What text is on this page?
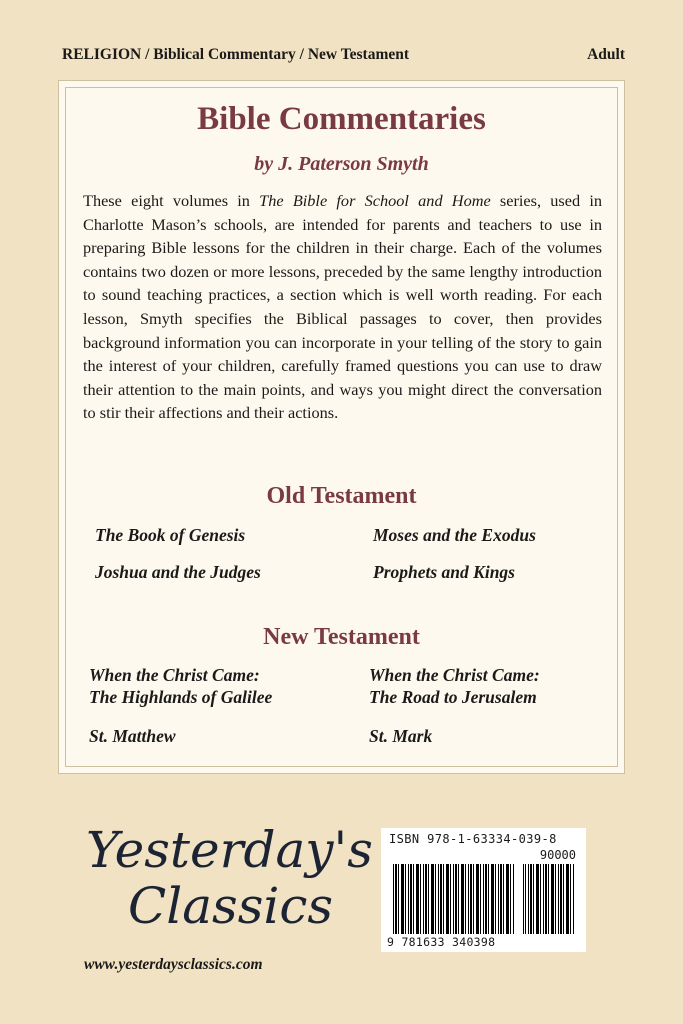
RELIGION / Biblical Commentary / New Testament	Adult
Bible Commentaries
by J. Paterson Smyth
These eight volumes in The Bible for School and Home series, used in Charlotte Mason’s schools, are intended for parents and teachers to use in preparing Bible lessons for the children in their charge. Each of the volumes contains two dozen or more lessons, preceded by the same lengthy introduction to sound teaching practices, a section which is well worth reading. For each lesson, Smyth specifies the Biblical passages to cover, then provides background information you can incorporate in your telling of the story to gain the interest of your children, carefully framed questions you can use to draw their attention to the main points, and ways you might direct the conversation to stir their affections and their actions.
Old Testament
The Book of Genesis	Moses and the Exodus
Joshua and the Judges	Prophets and Kings
New Testament
When the Christ Came:
The Highlands of Galilee
When the Christ Came:
The Road to Jerusalem
St. Matthew	St. Mark
Yesterday's
Classics
www.yesterdaysclassics.com
ISBN 978-1-63334-039-8
90000
9 781633 340398
